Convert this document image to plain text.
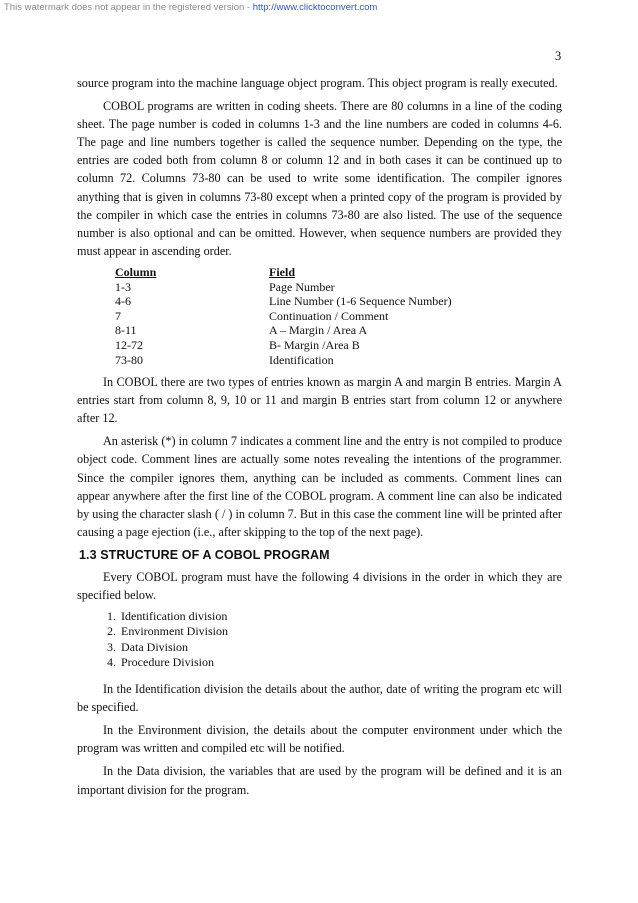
This watermark does not appear in the registered version - http://www.clicktoconvert.com
3

source program into the machine language object program. This object program is really executed.

COBOL programs are written in coding sheets. There are 80 columns in a line of the coding sheet. The page number is coded in columns 1-3 and the line numbers are coded in columns 4-6. The page and line numbers together is called the sequence number. Depending on the type, the entries are coded both from column 8 or column 12 and in both cases it can be continued up to column 72. Columns 73-80 can be used to write some identification. The compiler ignores anything that is given in columns 73-80 except when a printed copy of the program is provided by the compiler in which case the entries in columns 73-80 are also listed. The use of the sequence number is also optional and can be omitted. However, when sequence numbers are provided they must appear in ascending order.

Column	Field
1-3	Page Number
4-6	Line Number (1-6 Sequence Number)
7	Continuation / Comment
8-11	A – Margin / Area A
12-72	B- Margin /Area B
73-80	Identification

In COBOL there are two types of entries known as margin A and margin B entries. Margin A entries start from column 8, 9, 10 or 11 and margin B entries start from column 12 or anywhere after 12.

An asterisk (*) in column 7 indicates a comment line and the entry is not compiled to produce object code. Comment lines are actually some notes revealing the intentions of the programmer. Since the compiler ignores them, anything can be included as comments. Comment lines can appear anywhere after the first line of the COBOL program. A comment line can also be indicated by using the character slash ( / ) in column 7. But in this case the comment line will be printed after causing a page ejection (i.e., after skipping to the top of the next page).

1.3 STRUCTURE OF A COBOL PROGRAM

Every COBOL program must have the following 4 divisions in the order in which they are specified below.

1. Identification division
2. Environment Division
3. Data Division
4. Procedure Division

In the Identification division the details about the author, date of writing the program etc will be specified.

In the Environment division, the details about the computer environment under which the program was written and compiled etc will be notified.

In the Data division, the variables that are used by the program will be defined and it is an important division for the program.
